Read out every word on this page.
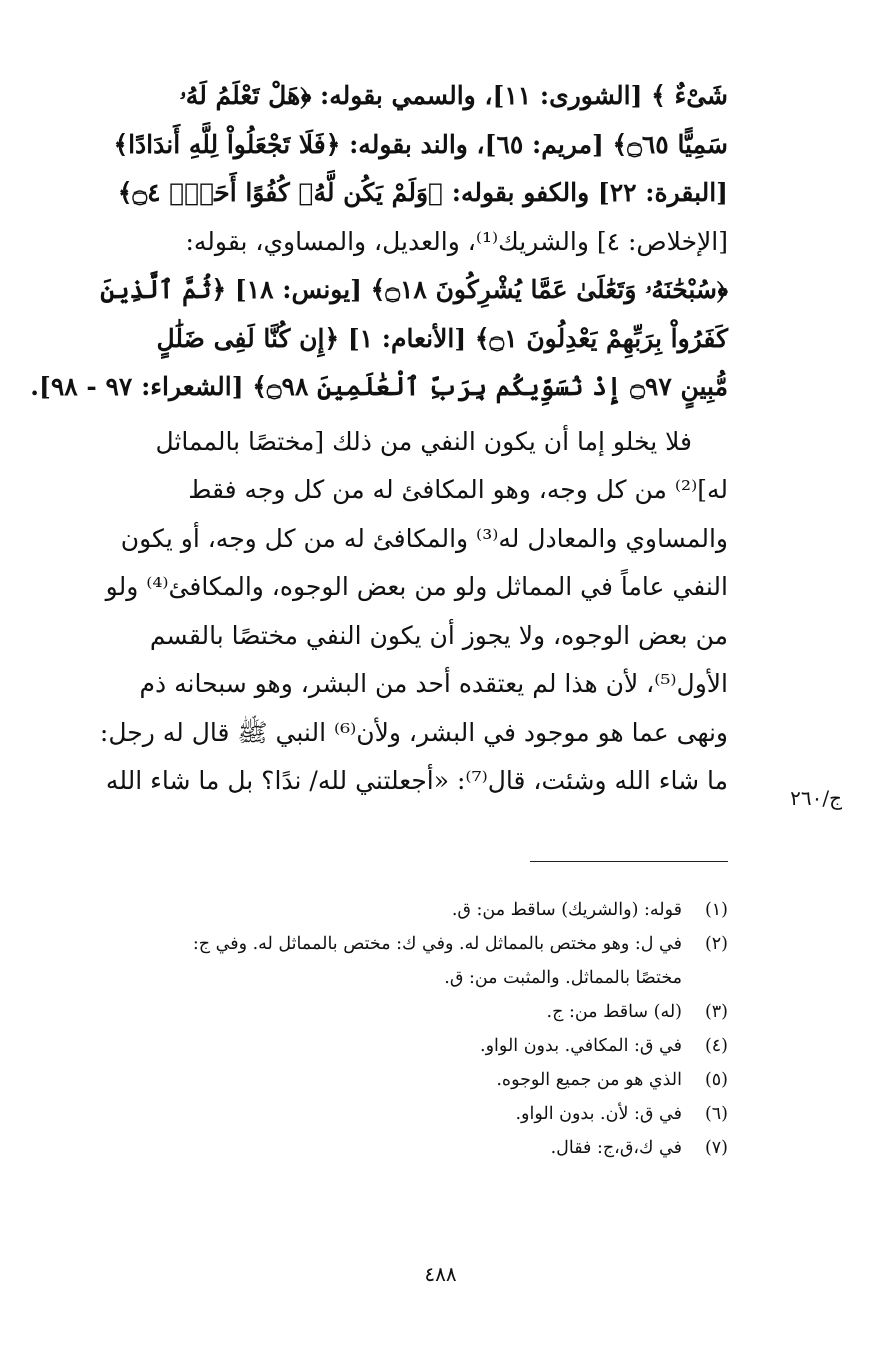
شَىْءٌ ﴾ [الشورى: ١١]، والسمي بقوله: ﴿هَلْ تَعْلَمُ لَهُۥ
سَمِيًّا ۝٦٥﴾ [مريم: ٦٥]، والند بقوله: ﴿فَلَا تَجْعَلُواْ لِلَّهِ أَندَادًا﴾
[البقرة: ٢٢] والكفو بقوله: ﴿وَلَمْ يَكُن لَّهُۥ كُفُوًا أَحَدٌۢ ۝٤﴾
[الإخلاص: ٤] والشريك⁽¹⁾، والعديل، والمساوي، بقوله:
﴿سُبْحَٰنَهُۥ وَتَعَٰلَىٰ عَمَّا يُشْرِكُونَ ۝١٨﴾ [يونس: ١٨] ﴿ثُمَّ ٱلَّذِينَ
كَفَرُواْ بِرَبِّهِمْ يَعْدِلُونَ ۝١﴾ [الأنعام: ١] ﴿إِن كُنَّا لَفِى ضَلَٰلٍ
مُّبِينٍ ۝٩٧ إِذْ نُسَوِّيكُم بِرَبِّ ٱلْعَٰلَمِينَ ۝٩٨﴾ [الشعراء: ٩٧ - ٩٨].
فلا يخلو إما أن يكون النفي من ذلك [مختصًا بالمماثل
له]⁽²⁾ من كل وجه، وهو المكافئ له من كل وجه فقط
والمساوي والمعادل له⁽³⁾ والمكافئ له من كل وجه، أو يكون
النفي عاماً في المماثل ولو من بعض الوجوه، والمكافئ⁽⁴⁾ ولو
من بعض الوجوه، ولا يجوز أن يكون النفي مختصًا بالقسم
الأول⁽⁵⁾، لأن هذا لم يعتقده أحد من البشر، وهو سبحانه ذم
ونهى عما هو موجود في البشر، ولأن⁽⁶⁾ النبي ﷺ قال له رجل:
ما شاء الله وشئت، قال⁽⁷⁾: «أجعلتني لله/ ندًا؟ بل ما شاء الله
ج/٢٦٠
(١)قوله: (والشريك) ساقط من: ق.
(٢)في ل: وهو مختص بالمماثل له. وفي ك: مختص بالمماثل له. وفي ج:
مختصًا بالمماثل. والمثبت من: ق.
(٣)(له) ساقط من: ج.
(٤)في ق: المكافي. بدون الواو.
(٥)الذي هو من جميع الوجوه.
(٦)في ق: لأن. بدون الواو.
(٧)في ك،ق،ج: فقال.
٤٨٨
